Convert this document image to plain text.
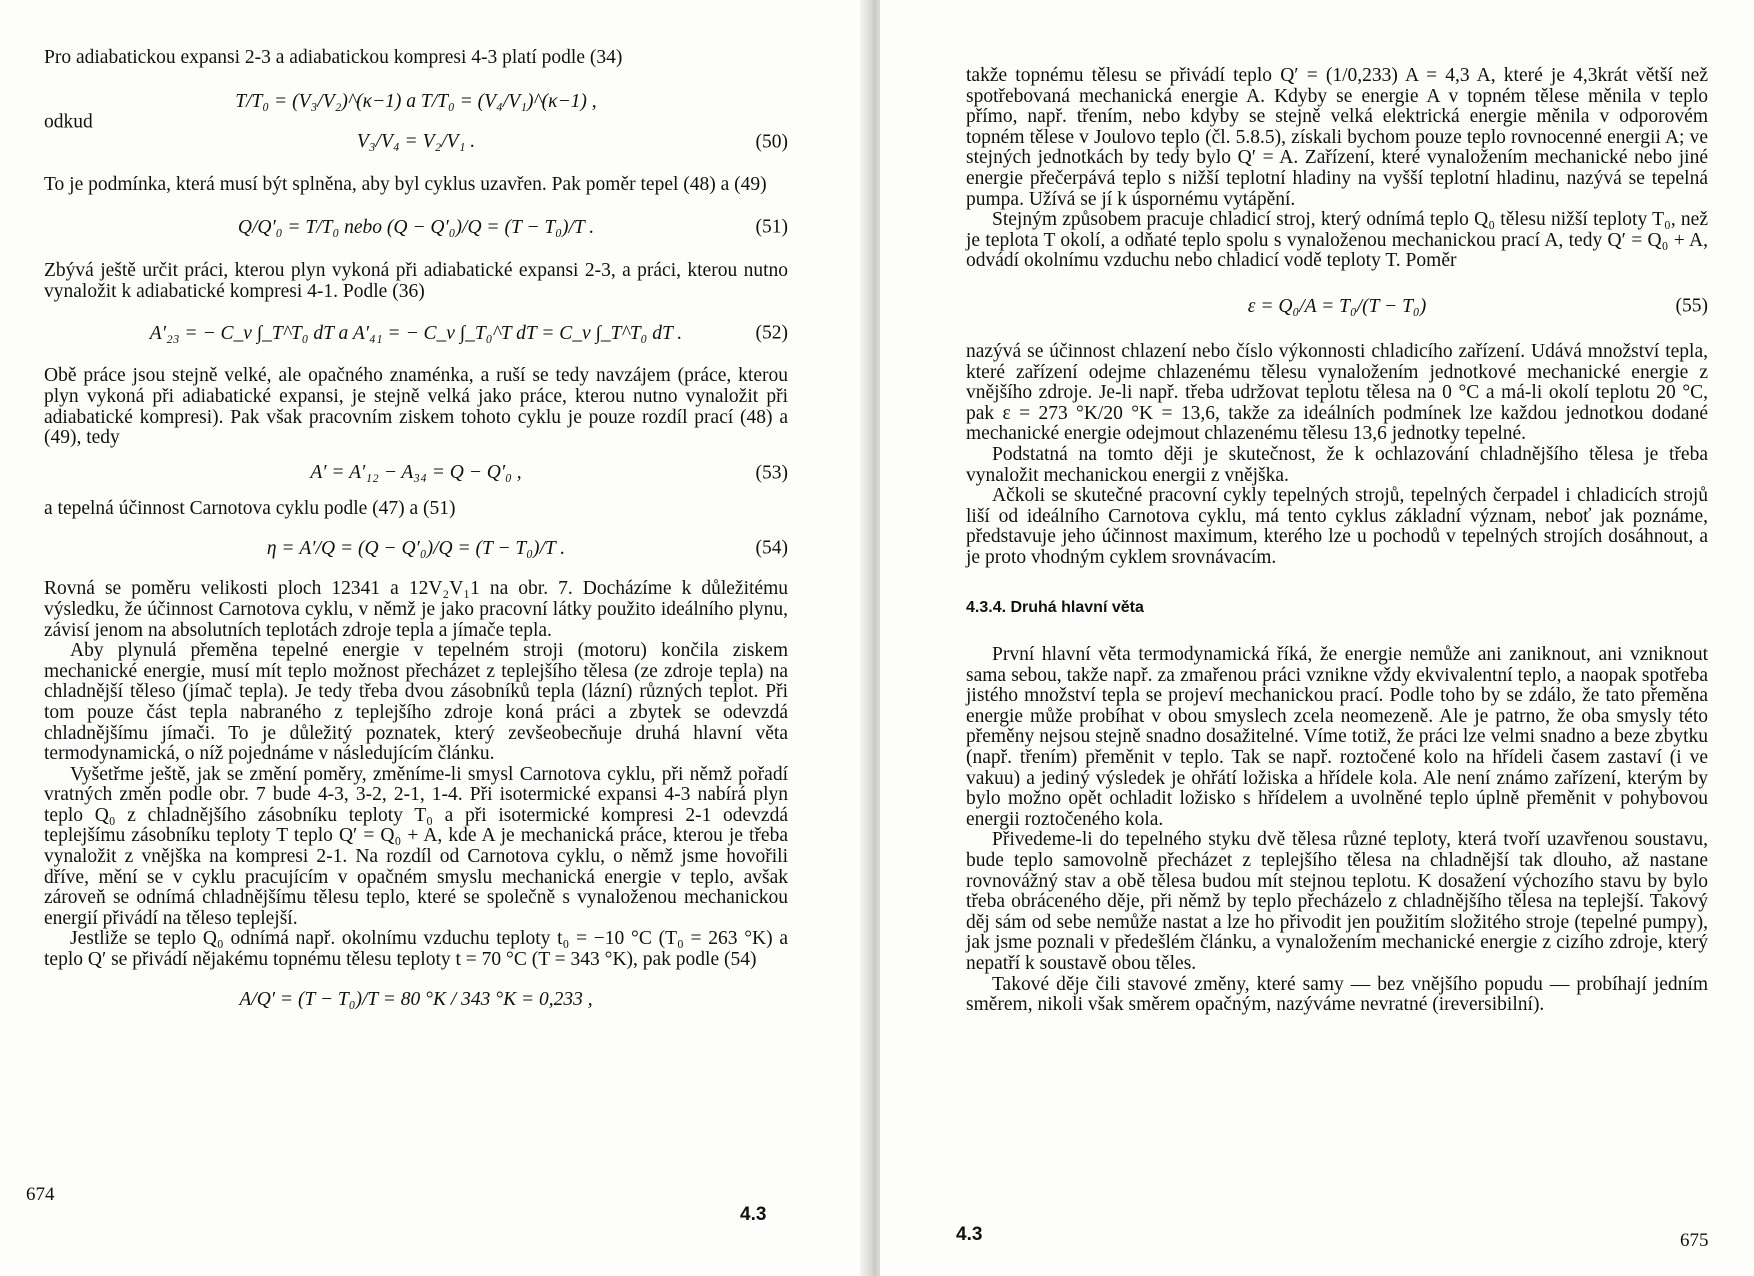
Pro adiabatickou expansi 2-3 a adiabatickou kompresi 4-3 platí podle (34)

T/T₀ = (V₃/V₂)^(κ−1) a T/T₀ = (V₄/V₁)^(κ−1) ,
odkud
V₃/V₄ = V₂/V₁ .	(50)

To je podmínka, která musí být splněna, aby byl cyklus uzavřen. Pak poměr tepel (48) a (49)

Q/Q′₀ = T/T₀ nebo (Q − Q′₀)/Q = (T − T₀)/T .	(51)

Zbývá ještě určit práci, kterou plyn vykoná při adiabatické expansi 2-3, a práci, kterou nutno vynaložit k adiabatické kompresi 4-1. Podle (36)

A′₂₃ = − C_v ∫_T^T₀ dT a A′₄₁ = − C_v ∫_T₀^T dT = C_v ∫_T^T₀ dT .	(52)

Obě práce jsou stejně velké, ale opačného znaménka, a ruší se tedy navzájem (práce, kterou plyn vykoná při adiabatické expansi, je stejně velká jako práce, kterou nutno vynaložit při adiabatické kompresi). Pak však pracovním ziskem tohoto cyklu je pouze rozdíl prací (48) a (49), tedy

A′ = A′₁₂ − A₃₄ = Q − Q′₀ ,	(53)

a tepelná účinnost Carnotova cyklu podle (47) a (51)

η = A′/Q = (Q − Q′₀)/Q = (T − T₀)/T .	(54)

Rovná se poměru velikosti ploch 12341 a 12V₂V₁1 na obr. 7. Docházíme k důležitému výsledku, že účinnost Carnotova cyklu, v němž je jako pracovní látky použito ideálního plynu, závisí jenom na absolutních teplotách zdroje tepla a jímače tepla.

Aby plynulá přeměna tepelné energie v tepelném stroji (motoru) končila ziskem mechanické energie, musí mít teplo možnost přecházet z teplejšího tělesa (ze zdroje tepla) na chladnější těleso (jímač tepla). Je tedy třeba dvou zásobníků tepla (lázní) různých teplot. Při tom pouze část tepla nabraného z teplejšího zdroje koná práci a zbytek se odevzdá chladnějšímu jímači. To je důležitý poznatek, který zevšeobecňuje druhá hlavní věta termodynamická, o níž pojednáme v následujícím článku.

Vyšetřme ještě, jak se změní poměry, změníme-li smysl Carnotova cyklu, při němž pořadí vratných změn podle obr. 7 bude 4-3, 3-2, 2-1, 1-4. Při isotermické expansi 4-3 nabírá plyn teplo Q₀ z chladnějšího zásobníku teploty T₀ a při isotermické kompresi 2-1 odevzdá teplejšímu zásobníku teploty T teplo Q′ = Q₀ + A, kde A je mechanická práce, kterou je třeba vynaložit z vnějška na kompresi 2-1. Na rozdíl od Carnotova cyklu, o němž jsme hovořili dříve, mění se v cyklu pracujícím v opačném smyslu mechanická energie v teplo, avšak zároveň se odnímá chladnějšímu tělesu teplo, které se společně s vynaloženou mechanickou energií přivádí na těleso teplejší.

Jestliže se teplo Q₀ odnímá např. okolnímu vzduchu teploty t₀ = −10 °C (T₀ = 263 °K) a teplo Q′ se přivádí nějakému topnému tělesu teploty t = 70 °C (T = 343 °K), pak podle (54)

A/Q′ = (T − T₀)/T = 80 °K / 343 °K = 0,233 ,
674
4.3

takže topnému tělesu se přivádí teplo Q′ = (1/0,233) A = 4,3 A, které je 4,3krát větší než spotřebovaná mechanická energie A. Kdyby se energie A v topném tělese měnila v teplo přímo, např. třením, nebo kdyby se stejně velká elektrická energie měnila v odporovém topném tělese v Joulovo teplo (čl. 5.8.5), získali bychom pouze teplo rovnocenné energii A; ve stejných jednotkách by tedy bylo Q′ = A. Zařízení, které vynaložením mechanické nebo jiné energie přečerpává teplo s nižší teplotní hladiny na vyšší teplotní hladinu, nazývá se tepelná pumpa. Užívá se jí k úspornému vytápění.

Stejným způsobem pracuje chladicí stroj, který odnímá teplo Q₀ tělesu nižší teploty T₀, než je teplota T okolí, a odňaté teplo spolu s vynaloženou mechanickou prací A, tedy Q′ = Q₀ + A, odvádí okolnímu vzduchu nebo chladicí vodě teploty T. Poměr

ε = Q₀/A = T₀/(T − T₀)	(55)

nazývá se účinnost chlazení nebo číslo výkonnosti chladicího zařízení. Udává množství tepla, které zařízení odejme chlazenému tělesu vynaložením jednotkové mechanické energie z vnějšího zdroje. Je-li např. třeba udržovat teplotu tělesa na 0 °C a má-li okolí teplotu 20 °C, pak ε = 273 °K/20 °K = 13,6, takže za ideálních podmínek lze každou jednotkou dodané mechanické energie odejmout chlazenému tělesu 13,6 jednotky tepelné.

Podstatná na tomto ději je skutečnost, že k ochlazování chladnějšího tělesa je třeba vynaložit mechanickou energii z vnějška.

Ačkoli se skutečné pracovní cykly tepelných strojů, tepelných čerpadel i chladicích strojů liší od ideálního Carnotova cyklu, má tento cyklus základní význam, neboť jak poznáme, představuje jeho účinnost maximum, kterého lze u pochodů v tepelných strojích dosáhnout, a je proto vhodným cyklem srovnávacím.

4.3.4. Druhá hlavní věta

První hlavní věta termodynamická říká, že energie nemůže ani zaniknout, ani vzniknout sama sebou, takže např. za zmařenou práci vznikne vždy ekvivalentní teplo, a naopak spotřeba jistého množství tepla se projeví mechanickou prací. Podle toho by se zdálo, že tato přeměna energie může probíhat v obou smyslech zcela neomezeně. Ale je patrno, že oba smysly této přeměny nejsou stejně snadno dosažitelné. Víme totiž, že práci lze velmi snadno a beze zbytku (např. třením) přeměnit v teplo. Tak se např. roztočené kolo na hřídeli časem zastaví (i ve vakuu) a jediný výsledek je ohřátí ložiska a hřídele kola. Ale není známo zařízení, kterým by bylo možno opět ochladit ložisko s hřídelem a uvolněné teplo úplně přeměnit v pohybovou energii roztočeného kola.

Přivedeme-li do tepelného styku dvě tělesa různé teploty, která tvoří uzavřenou soustavu, bude teplo samovolně přecházet z teplejšího tělesa na chladnější tak dlouho, až nastane rovnovážný stav a obě tělesa budou mít stejnou teplotu. K dosažení výchozího stavu by bylo třeba obráceného děje, při němž by teplo přecházelo z chladnějšího tělesa na teplejší. Takový děj sám od sebe nemůže nastat a lze ho přivodit jen použitím složitého stroje (tepelné pumpy), jak jsme poznali v předešlém článku, a vynaložením mechanické energie z cizího zdroje, který nepatří k soustavě obou těles.

Takové děje čili stavové změny, které samy — bez vnějšího popudu — probíhají jedním směrem, nikoli však směrem opačným, nazýváme nevratné (ireversibilní).

4.3	675
